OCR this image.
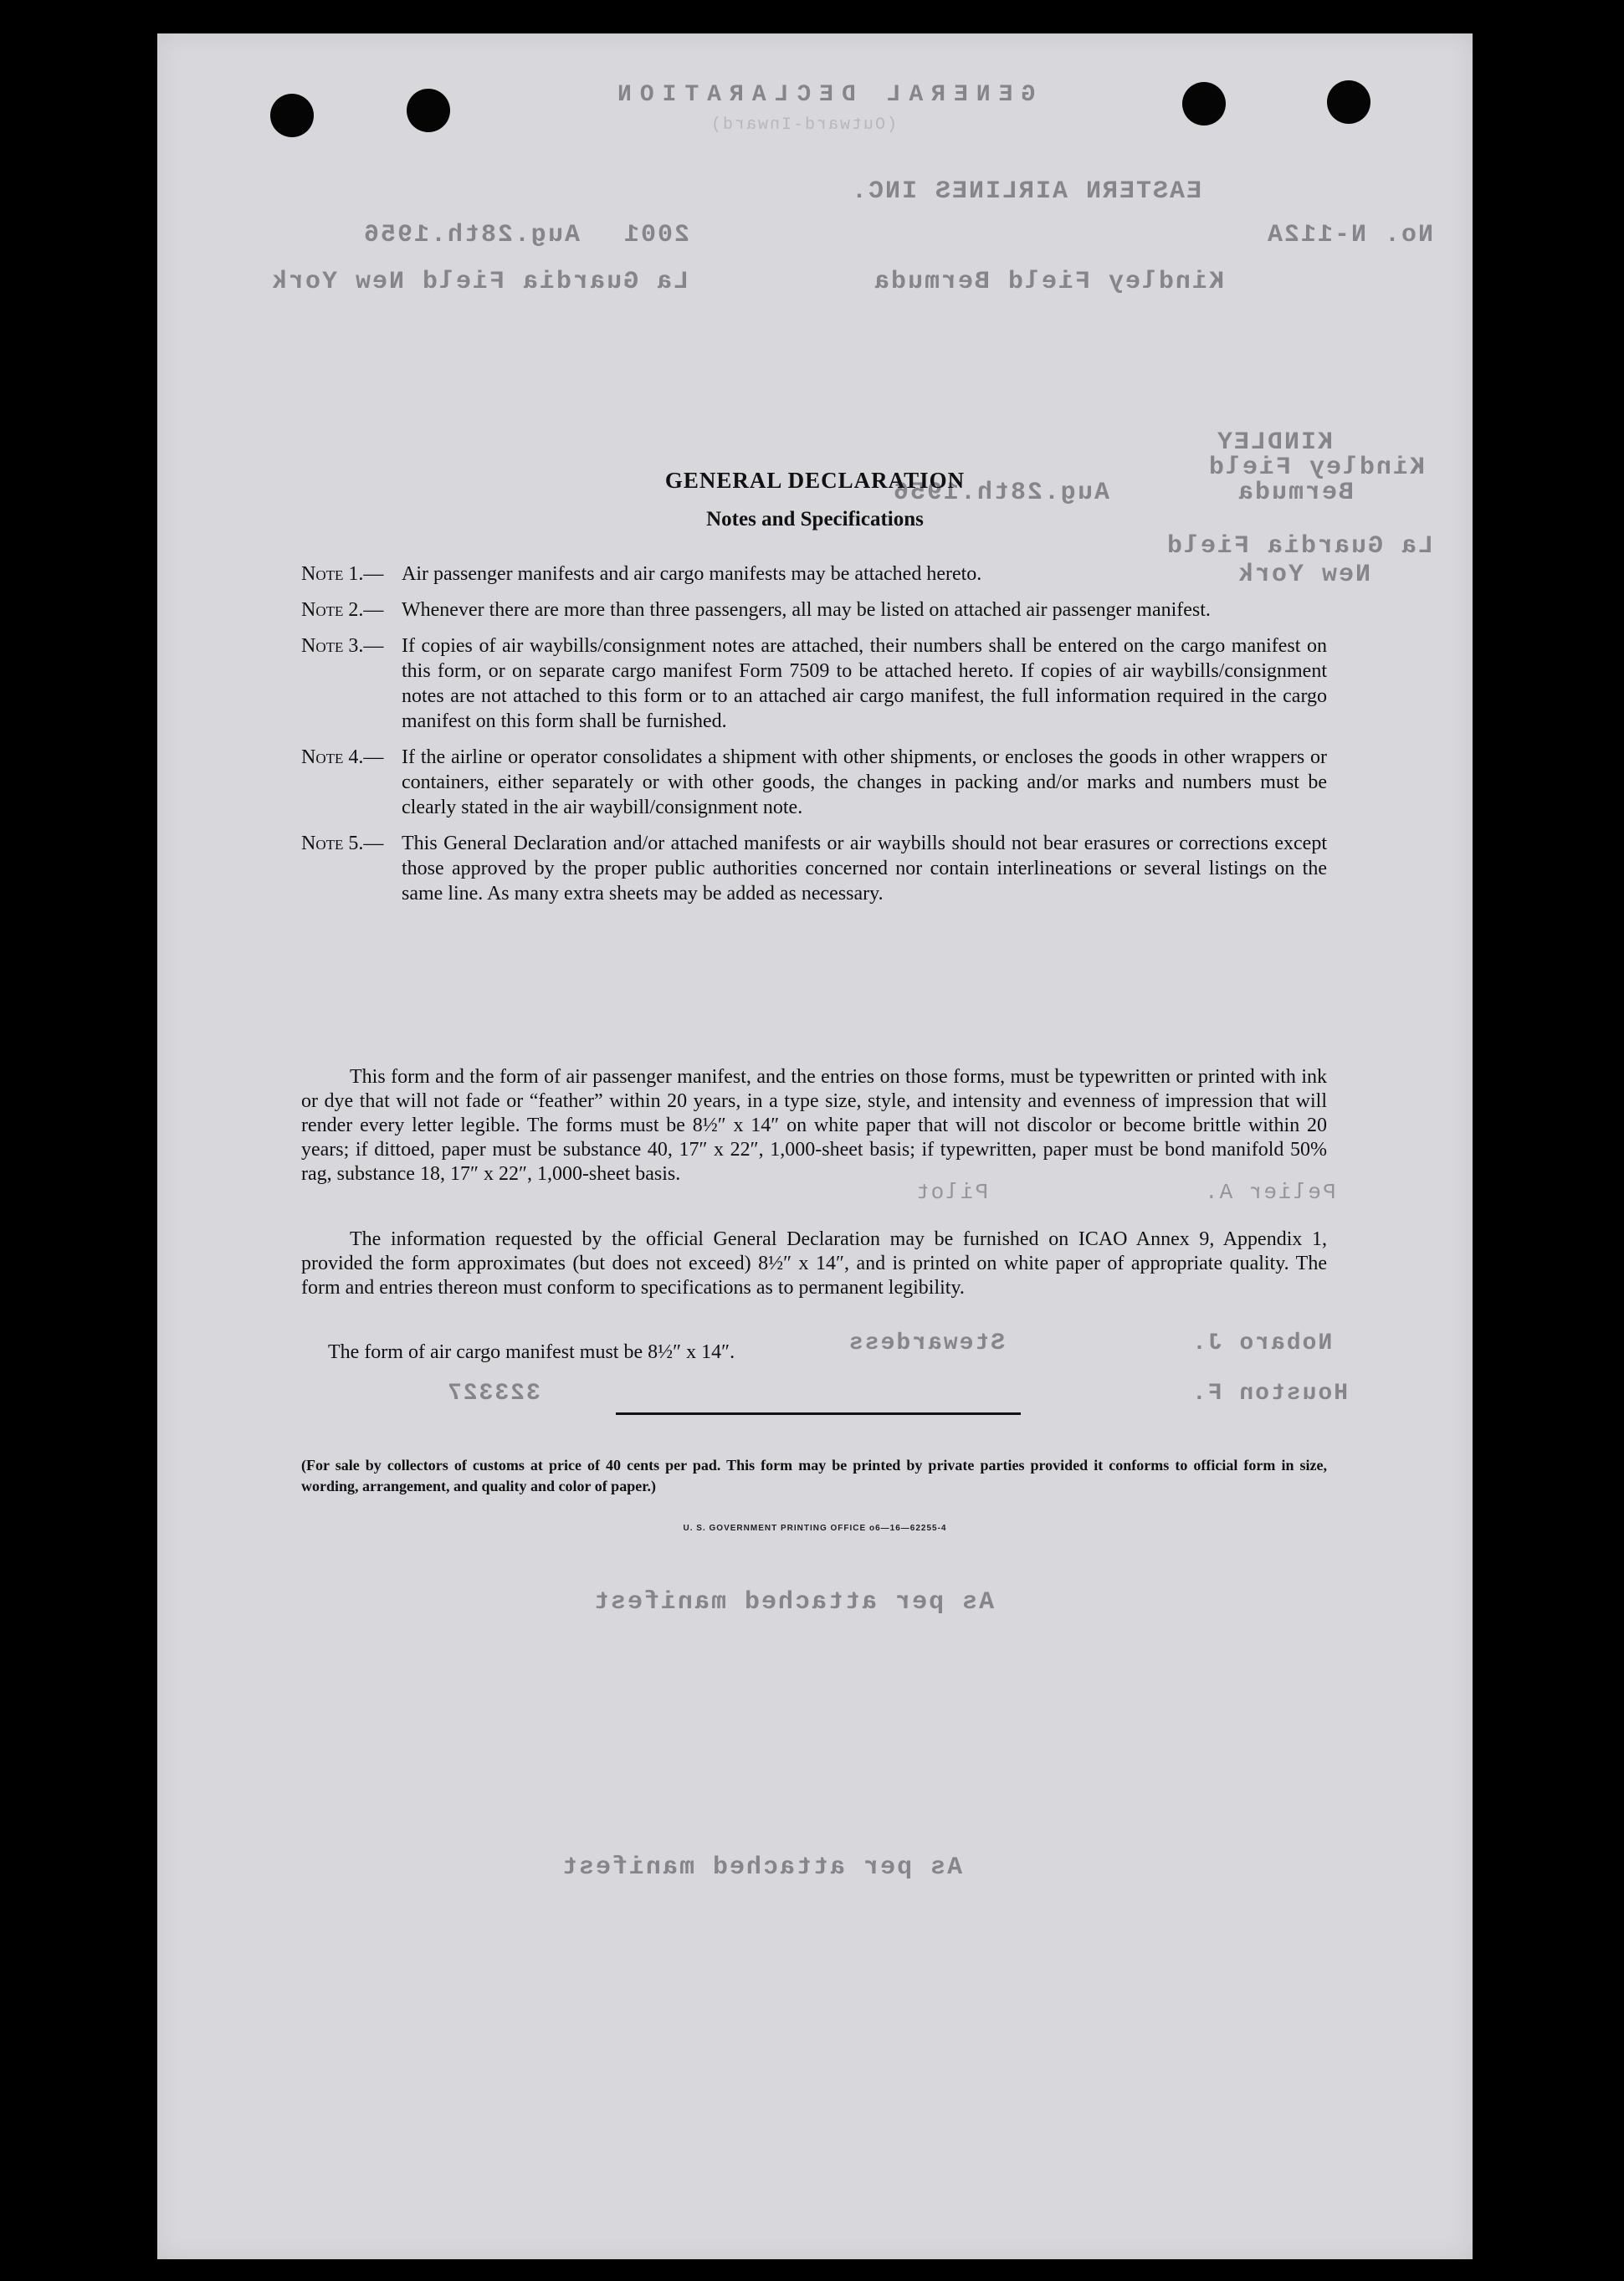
GENERAL DECLARATION
(Outward-Inward)
EASTERN AIRLINES INC.
Aug.28th.1956 2001	No. N-112A
La Guardia Field New York	Kindley Field Bermuda
KINDLEY
Kindley Field
Bermuda
Aug.28th.1956
La Guardia Field
New York
Pelier A.
Pilot
Nobaro J.
Stewardess
Houston F.
323327
As per attached manifest
As per attached manifest
GENERAL DECLARATION
Notes and Specifications
Note 1.— Air passenger manifests and air cargo manifests may be attached hereto.
Note 2.— Whenever there are more than three passengers, all may be listed on attached air passenger manifest.
Note 3.— If copies of air waybills/consignment notes are attached, their numbers shall be entered on the cargo manifest on this form, or on separate cargo manifest Form 7509 to be attached hereto. If copies of air waybills/consignment notes are not attached to this form or to an attached air cargo manifest, the full information required in the cargo manifest on this form shall be furnished.
Note 4.— If the airline or operator consolidates a shipment with other shipments, or encloses the goods in other wrappers or containers, either separately or with other goods, the changes in packing and/or marks and numbers must be clearly stated in the air waybill/consignment note.
Note 5.— This General Declaration and/or attached manifests or air waybills should not bear erasures or corrections except those approved by the proper public authorities concerned nor contain interlineations or several listings on the same line. As many extra sheets may be added as necessary.
This form and the form of air passenger manifest, and the entries on those forms, must be typewritten or printed with ink or dye that will not fade or “feather” within 20 years, in a type size, style, and intensity and evenness of impression that will render every letter legible. The forms must be 8½″ x 14″ on white paper that will not discolor or become brittle within 20 years; if dittoed, paper must be substance 40, 17″ x 22″, 1,000-sheet basis; if typewritten, paper must be bond manifold 50% rag, substance 18, 17″ x 22″, 1,000-sheet basis.
The information requested by the official General Declaration may be furnished on ICAO Annex 9, Appendix 1, provided the form approximates (but does not exceed) 8½″ x 14″, and is printed on white paper of appropriate quality. The form and entries thereon must conform to specifications as to permanent legibility.
The form of air cargo manifest must be 8½″ x 14″.
(For sale by collectors of customs at price of 40 cents per pad. This form may be printed by private parties provided it conforms to official form in size, wording, arrangement, and quality and color of paper.)
U. S. GOVERNMENT PRINTING OFFICE o6—16—62255-4
